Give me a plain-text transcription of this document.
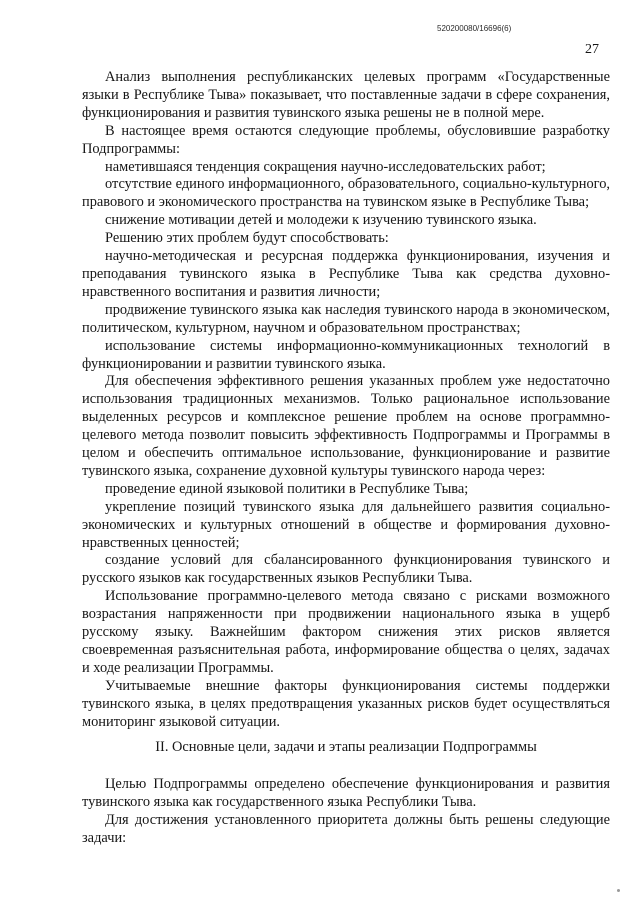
520200080/16696(6)
27

Анализ выполнения республиканских целевых программ «Государственные языки в Республике Тыва» показывает, что поставленные задачи в сфере сохранения, функционирования и развития тувинского языка решены не в полной мере.

В настоящее время остаются следующие проблемы, обусловившие разработку Подпрограммы:

наметившаяся тенденция сокращения научно-исследовательских работ;

отсутствие единого информационного, образовательного, социально-культурного, правового и экономического пространства на тувинском языке в Республике Тыва;

снижение мотивации детей и молодежи к изучению тувинского языка.

Решению этих проблем будут способствовать:

научно-методическая и ресурсная поддержка функционирования, изучения и преподавания тувинского языка в Республике Тыва как средства духовно-нравственного воспитания и развития личности;

продвижение тувинского языка как наследия тувинского народа в экономическом, политическом, культурном, научном и образовательном пространствах;

использование системы информационно-коммуникационных технологий в функционировании и развитии тувинского языка.

Для обеспечения эффективного решения указанных проблем уже недостаточно использования традиционных механизмов. Только рациональное использование выделенных ресурсов и комплексное решение проблем на основе программно-целевого метода позволит повысить эффективность Подпрограммы и Программы в целом и обеспечить оптимальное использование, функционирование и развитие тувинского языка, сохранение духовной культуры тувинского народа через:

проведение единой языковой политики в Республике Тыва;

укрепление позиций тувинского языка для дальнейшего развития социально-экономических и культурных отношений в обществе и формирования духовно-нравственных ценностей;

создание условий для сбалансированного функционирования тувинского и русского языков как государственных языков Республики Тыва.

Использование программно-целевого метода связано с рисками возможного возрастания напряженности при продвижении национального языка в ущерб русскому языку. Важнейшим фактором снижения этих рисков является своевременная разъяснительная работа, информирование общества о целях, задачах и ходе реализации Программы.

Учитываемые внешние факторы функционирования системы поддержки тувинского языка, в целях предотвращения указанных рисков будет осуществляться мониторинг языковой ситуации.

II. Основные цели, задачи и этапы реализации Подпрограммы

Целью Подпрограммы определено обеспечение функционирования и развития тувинского языка как государственного языка Республики Тыва.

Для достижения установленного приоритета должны быть решены следующие задачи:
